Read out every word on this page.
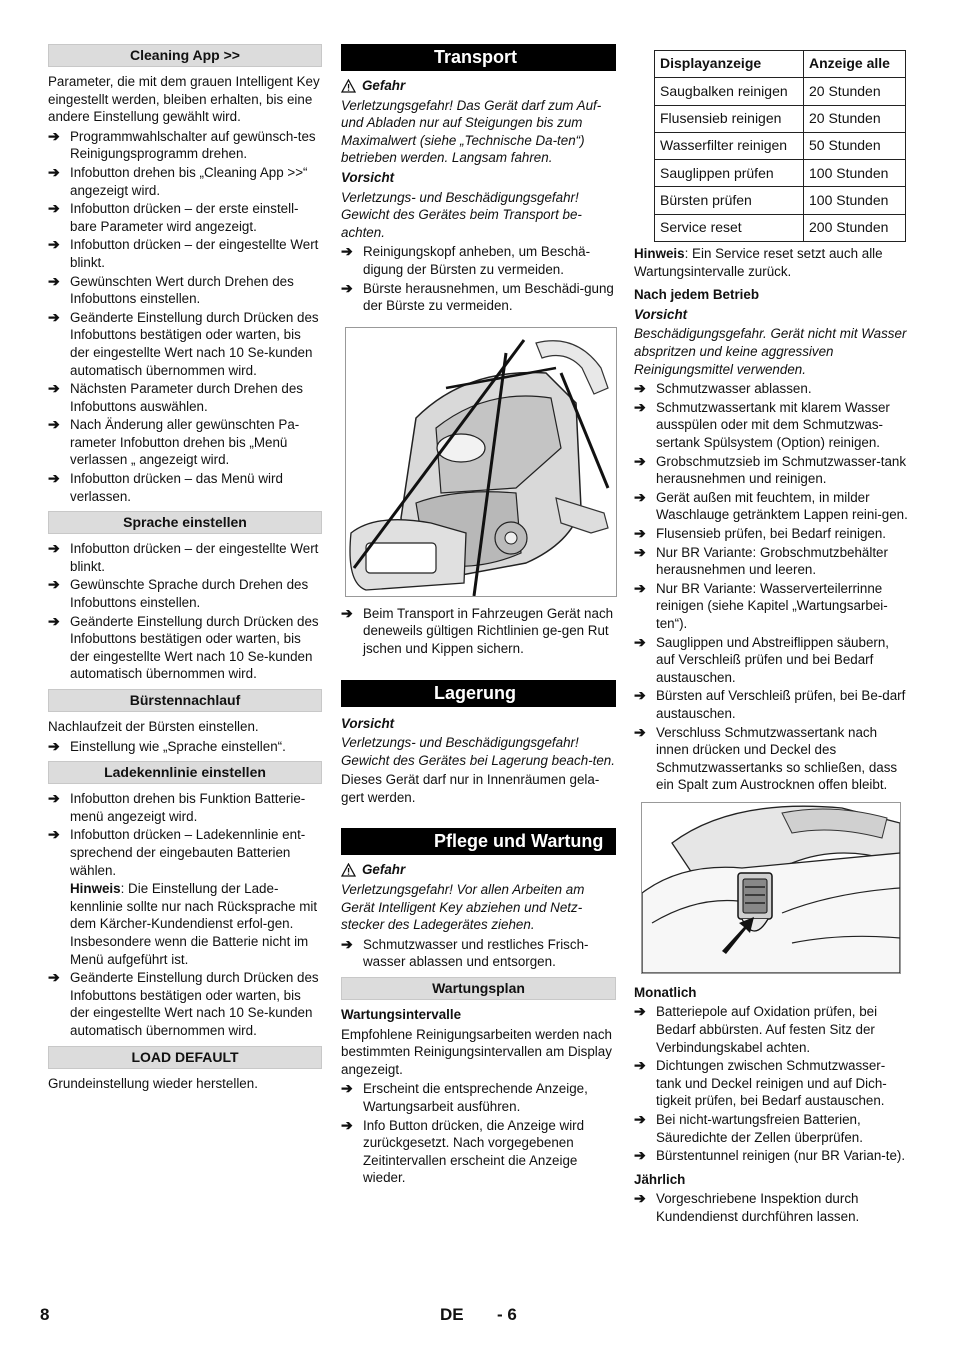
Cleaning App >>

Parameter, die mit dem grauen Intelligent Key eingestellt werden, bleiben erhalten, bis eine andere Einstellung gewählt wird.

➔ Programmwahlschalter auf gewünsch-tes Reinigungsprogramm drehen.
➔ Infobutton drehen bis „Cleaning App >>“ angezeigt wird.
➔ Infobutton drücken – der erste einstell-bare Parameter wird angezeigt.
➔ Infobutton drücken – der eingestellte Wert blinkt.
➔ Gewünschten Wert durch Drehen des Infobuttons einstellen.
➔ Geänderte Einstellung durch Drücken des Infobuttons bestätigen oder warten, bis der eingestellte Wert nach 10 Se-kunden automatisch übernommen wird.
➔ Nächsten Parameter durch Drehen des Infobuttons auswählen.
➔ Nach Änderung aller gewünschten Pa-rameter Infobutton drehen bis „Menü verlassen „ angezeigt wird.
➔ Infobutton drücken – das Menü wird verlassen.
Sprache einstellen
➔ Infobutton drücken – der eingestellte Wert blinkt.
➔ Gewünschte Sprache durch Drehen des Infobuttons einstellen.
➔ Geänderte Einstellung durch Drücken des Infobuttons bestätigen oder warten, bis der eingestellte Wert nach 10 Se-kunden automatisch übernommen wird.
Bürstennachlauf

Nachlaufzeit der Bürsten einstellen.

➔ Einstellung wie „Sprache einstellen“.
Ladekennlinie einstellen
➔ Infobutton drehen bis Funktion Batterie-menü angezeigt wird.
➔ Infobutton drücken – Ladekennlinie ent-sprechend der eingebauten Batterien wählen.
Hinweis: Die Einstellung der Lade-kennlinie sollte nur nach Rücksprache mit dem Kärcher-Kundendienst erfol-gen. Insbesondere wenn die Batterie nicht im Menü aufgeführt ist.
➔ Geänderte Einstellung durch Drücken des Infobuttons bestätigen oder warten, bis der eingestellte Wert nach 10 Se-kunden automatisch übernommen wird.
LOAD DEFAULT

Grundeinstellung wieder herstellen.

Transport
Gefahr

Verletzungsgefahr! Das Gerät darf zum Auf- und Abladen nur auf Steigungen bis zum Maximalwert (siehe „Technische Da-ten“) betrieben werden. Langsam fahren.

Vorsicht

Verletzungs- und Beschädigungsgefahr! Gewicht des Gerätes beim Transport be-achten.

➔ Reinigungskopf anheben, um Beschä-digung der Bürsten zu vermeiden.
➔ Bürste herausnehmen, um Beschädi-gung der Bürste zu vermeiden.
➔ Beim Transport in Fahrzeugen Gerät nach deneweils gültigen Richtlinien ge-gen Rut jschen und Kippen sichern.
Lagerung

Vorsicht

Verletzungs- und Beschädigungsgefahr! Gewicht des Gerätes bei Lagerung beach-ten.

Dieses Gerät darf nur in Innenräumen gela-gert werden.

Pflege und Wartung
Gefahr

Verletzungsgefahr! Vor allen Arbeiten am Gerät Intelligent Key abziehen und Netz-stecker des Ladegerätes ziehen.

➔ Schmutzwasser und restliches Frisch-wasser ablassen und entsorgen.
Wartungsplan

Wartungsintervalle

Empfohlene Reinigungsarbeiten werden nach bestimmten Reinigungsintervallen am Display angezeigt.

➔ Erscheint die entsprechende Anzeige, Wartungsarbeit ausführen.
➔ Info Button drücken, die Anzeige wird zurückgesetzt. Nach vorgegebenen Zeitintervallen erscheint die Anzeige wieder.
Displayanzeige	Anzeige alle
Saugbalken reinigen	20 Stunden
Flusensieb reinigen	20 Stunden
Wasserfilter reinigen	50 Stunden
Sauglippen prüfen	100 Stunden
Bürsten prüfen	100 Stunden
Service reset	200 Stunden

Hinweis: Ein Service reset setzt auch alle Wartungsintervalle zurück.

Nach jedem Betrieb

Vorsicht

Beschädigungsgefahr. Gerät nicht mit Wasser abspritzen und keine aggressiven Reinigungsmittel verwenden.

➔ Schmutzwasser ablassen.
➔ Schmutzwassertank mit klarem Wasser ausspülen oder mit dem Schmutzwas-sertank Spülsystem (Option) reinigen.
➔ Grobschmutzsieb im Schmutzwasser-tank herausnehmen und reinigen.
➔ Gerät außen mit feuchtem, in milder Waschlauge getränktem Lappen reini-gen.
➔ Flusensieb prüfen, bei Bedarf reinigen.
➔ Nur BR Variante: Grobschmutzbehälter herausnehmen und leeren.
➔ Nur BR Variante: Wasserverteilerrinne reinigen (siehe Kapitel „Wartungsarbei-ten“).
➔ Sauglippen und Abstreiflippen säubern, auf Verschleiß prüfen und bei Bedarf austauschen.
➔ Bürsten auf Verschleiß prüfen, bei Be-darf austauschen.
➔ Verschluss Schmutzwassertank nach innen drücken und Deckel des Schmutzwassertanks so schließen, dass ein Spalt zum Austrocknen offen bleibt.

Monatlich

➔ Batteriepole auf Oxidation prüfen, bei Bedarf abbürsten. Auf festen Sitz der Verbindungskabel achten.
➔ Dichtungen zwischen Schmutzwasser-tank und Deckel reinigen und auf Dich-tigkeit prüfen, bei Bedarf austauschen.
➔ Bei nicht-wartungsfreien Batterien, Säuredichte der Zellen überprüfen.
➔ Bürstentunnel reinigen (nur BR Varian-te).

Jährlich

➔ Vorgeschriebene Inspektion durch Kundendienst durchführen lassen.
8	DE - 6
